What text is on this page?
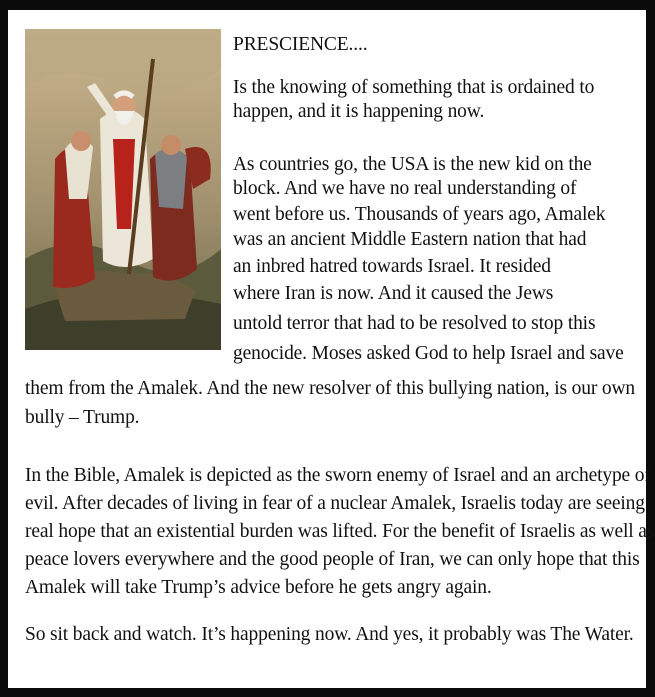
PRESCIENCE....

Is the knowing of something that is ordained to

happen, and it is happening now.

As countries go, the USA is the new kid on the

block. And we have no real understanding of

went before us. Thousands of years ago, Amalek

was an ancient Middle Eastern nation that had

an inbred hatred towards Israel. It resided

where Iran is now. And it caused the Jews

untold terror that had to be resolved to stop this

genocide. Moses asked God to help Israel and save

them from the Amalek. And the new resolver of this bullying nation, is our own

bully – Trump.

In the Bible, Amalek is depicted as the sworn enemy of Israel and an archetype of

evil. After decades of living in fear of a nuclear Amalek, Israelis today are seeing

real hope that an existential burden was lifted. For the benefit of Israelis as well as

peace lovers everywhere and the good people of Iran, we can only hope that this

Amalek will take Trump’s advice before he gets angry again.

So sit back and watch. It’s happening now. And yes, it probably was The Water.
